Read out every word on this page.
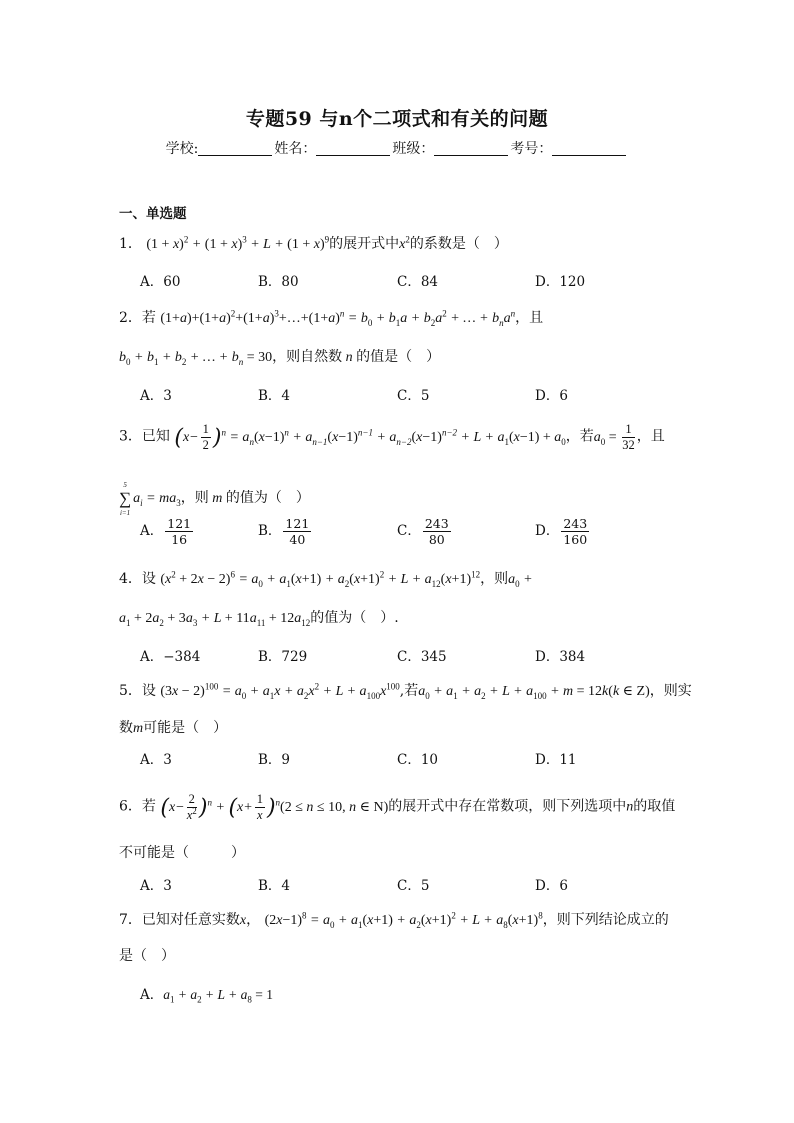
专题59 与n个二项式和有关的问题
学校:	姓名：	班级：	考号：
一、单选题
1． $(1 + x)^2 + (1 + x)^3 + L + (1 + x)^9$的展开式中$x^2$的系数是（　）
A．60	B．80	C．84	D．120
2．若 $(1+a)+(1+a)^2+(1+a)^3+\dots+(1+a)^n = b_0 + b_1a + b_2a^2$ + … + $b_na^n$，且
$b_0 + b_1 + b_2$ + … + $b_n = 30$，则自然数 n 的值是（　）
A．3	B．4	C．5	D．6
3．已知 $(x- \frac{1}{2} )^n = a_n(x-1)^n + a_{n-1}(x-1)^{n-1} + a_{n-2}(x-1)^{n-2} + L + a_1(x-1) + a_0$，若$a_0 = \frac{1}{32}$ ，且
5
∑
i=1
$a_i = ma_3$，则 m 的值为（　）
A． $\frac{121}{16}$	B． $\frac{121}{40}$	C． $\frac{243}{80}$	D． $\frac{243}{160}$
4．设 $(x^2 + 2x - 2)^6 = a_0 + a_1(x+1) + a_2(x+1)^2 + L + a_{12}(x+1)^{12}$，则$a_0$ +
$a_1 + 2a_2 + 3a_3 + L + 11a_{11} + 12a_{12}$的值为（　）.
A．−384	B．729	C．345	D．384
5．设 $(3x - 2)^{100} = a_0 + a_1x + a_2x^2 + L + a_{100}x^{100}$,若$a_0 + a_1 + a_2 + L + a_{100} + m = 12k(k$ ∈ Z)，则实
数m可能是（　）
A．3	B．9	C．10	D．11
6．若 $(x- \frac{2}{x^2} )^n + (x+ \frac{1}{x} )^n(2 \le n \le 10$, n ∈ N)的展开式中存在常数项，则下列选项中n的取值
不可能是（　　　）
A．3	B．4	C．5	D．6
7．已知对任意实数x， $(2x-1)^8 = a_0 + a_1(x+1) + a_2(x+1)^2 + L + a_8(x+1)^8$，则下列结论成立的
是（　）
A．$a_1 + a_2 + L + a_8 = 1$
